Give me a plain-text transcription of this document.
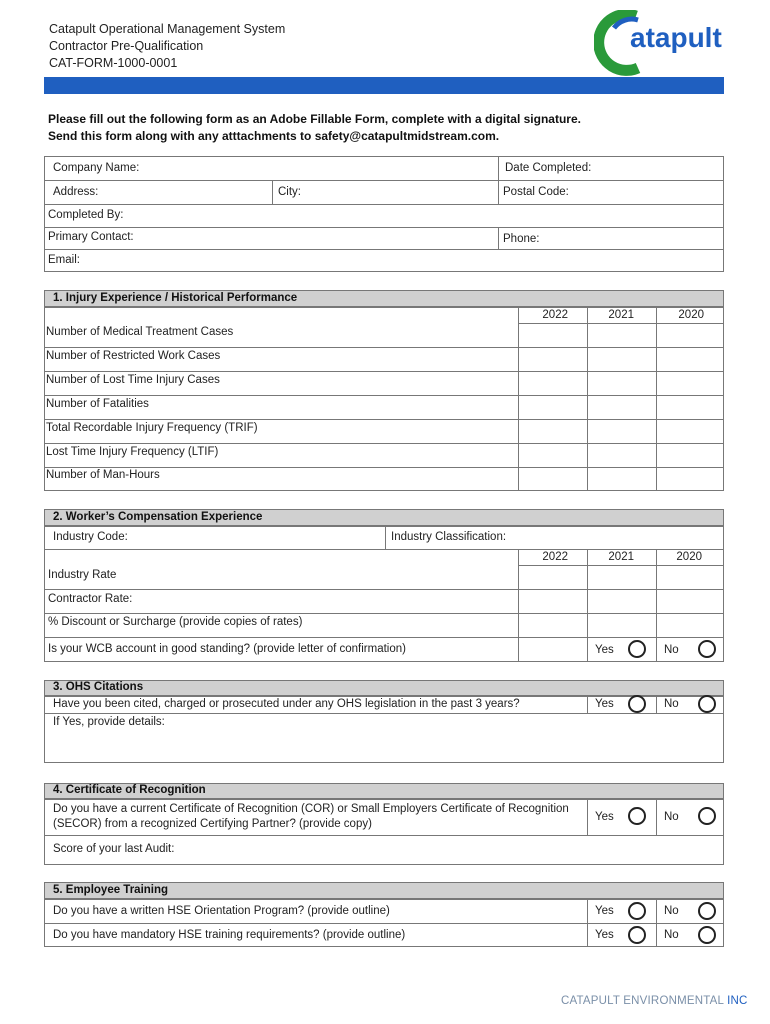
Catapult Operational Management System
Contractor Pre-Qualification
CAT-FORM-1000-0001
atapult
Please fill out the following form as an Adobe Fillable Form, complete with a digital signature.
Send this form along with any atttachments to safety@catapultmidstream.com.
Company Name:	Date Completed:
Address:	City:	Postal Code:
Completed By:
Primary Contact:	Phone:
Email:
1. Injury Experience / Historical Performance
2022	2021	2020
Number of Medical Treatment Cases
Number of Restricted Work Cases
Number of Lost Time Injury Cases
Number of Fatalities
Total Recordable Injury Frequency (TRIF)
Lost Time Injury Frequency (LTIF)
Number of Man-Hours
2. Worker’s Compensation Experience
Industry Code:	Industry Classification:
2022	2021	2020
Industry Rate
Contractor Rate:
% Discount or Surcharge (provide copies of rates)
Is your WCB account in good standing? (provide letter of confirmation)	Yes	No
3. OHS Citations
Have you been cited, charged or prosecuted under any OHS legislation in the past 3 years?	Yes	No
If Yes, provide details:
4. Certificate of Recognition
Do you have a current Certificate of Recognition (COR) or Small Employers Certificate of Recognition
(SECOR) from a recognized Certifying Partner? (provide copy)
Yes	No
Score of your last Audit:
5. Employee Training
Do you have a written HSE Orientation Program? (provide outline)	Yes	No
Do you have mandatory HSE training requirements? (provide outline)	Yes	No
CATAPULT ENVIRONMENTAL INC
